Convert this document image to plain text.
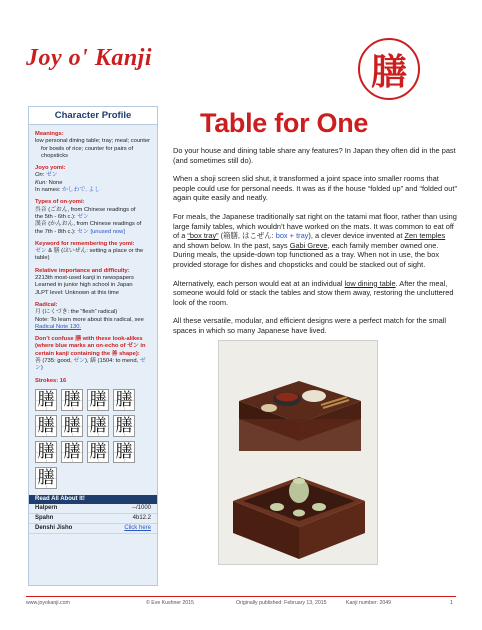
Joy o' Kanji	膳
Character Profile
Meanings:
low personal dining table; tray; meal; counter for bowls of rice; counter for pairs of chopsticks
Joyo yomi:
On: ゼン
Kun: None
In names: かしわで, よし
Types of on-yomi:
呉音 (ごおん, from Chinese readings of
the 5th - 6th c.): ゼン
漢音 (かんおん, from Chinese readings of
the 7th - 8th c.): セン [unused now]
Keyword for remembering the yomi:
ゼン & 膳 (はいぜん: setting a place or the table)
Relative importance and difficulty:
2213th most-used kanji in newspapers
Learned in junior high school in Japan
JLPT level: Unknown at this time
Radical:
月 (にくづき: the “flesh” radical)
Note: To learn more about this radical, see
Radical Note 130.
Don’t confuse 膳 with these look-alikes (where blue marks an on-echo of ゼン in certain kanji containing the 善 shape):
善 (735: good, ゼン), 繕 (1504: to mend, ゼン)
Strokes: 16
膳 膳 膳 膳
膳 膳 膳 膳
膳 膳 膳 膳
膳
Read All About It!
Halpern	--/1000
Spahn	4b12.2
Denshi Jisho	Click here
Table for One

Do your house and dining table share any features? In Japan they often did in the past (and sometimes still do).

When a shoji screen slid shut, it transformed a joint space into smaller rooms that people could use for personal needs. It was as if the house “folded up” and “folded out” again quite easily and neatly.

For meals, the Japanese traditionally sat right on the tatami mat floor, rather than using large family tables, which wouldn’t have worked on the mats. It was common to eat off of a “box tray” (箱膳, はこぜん: box + tray), a clever device invented at Zen temples and shown below. In the past, says Gabi Greve, each family member owned one. During meals, the upside-down top functioned as a tray. When not in use, the box provided storage for dishes and chopsticks and could be stacked out of sight.

Alternatively, each person would eat at an individual low dining table. After the meal, someone would fold or stack the tables and stow them away, restoring the uncluttered look of the room.

All these versatile, modular, and efficient designs were a perfect match for the small spaces in which so many Japanese have lived.

www.joyokanji.com	© Eve Kushner 2015	Originally published: February 13, 2015	Kanji number: 2049	1
